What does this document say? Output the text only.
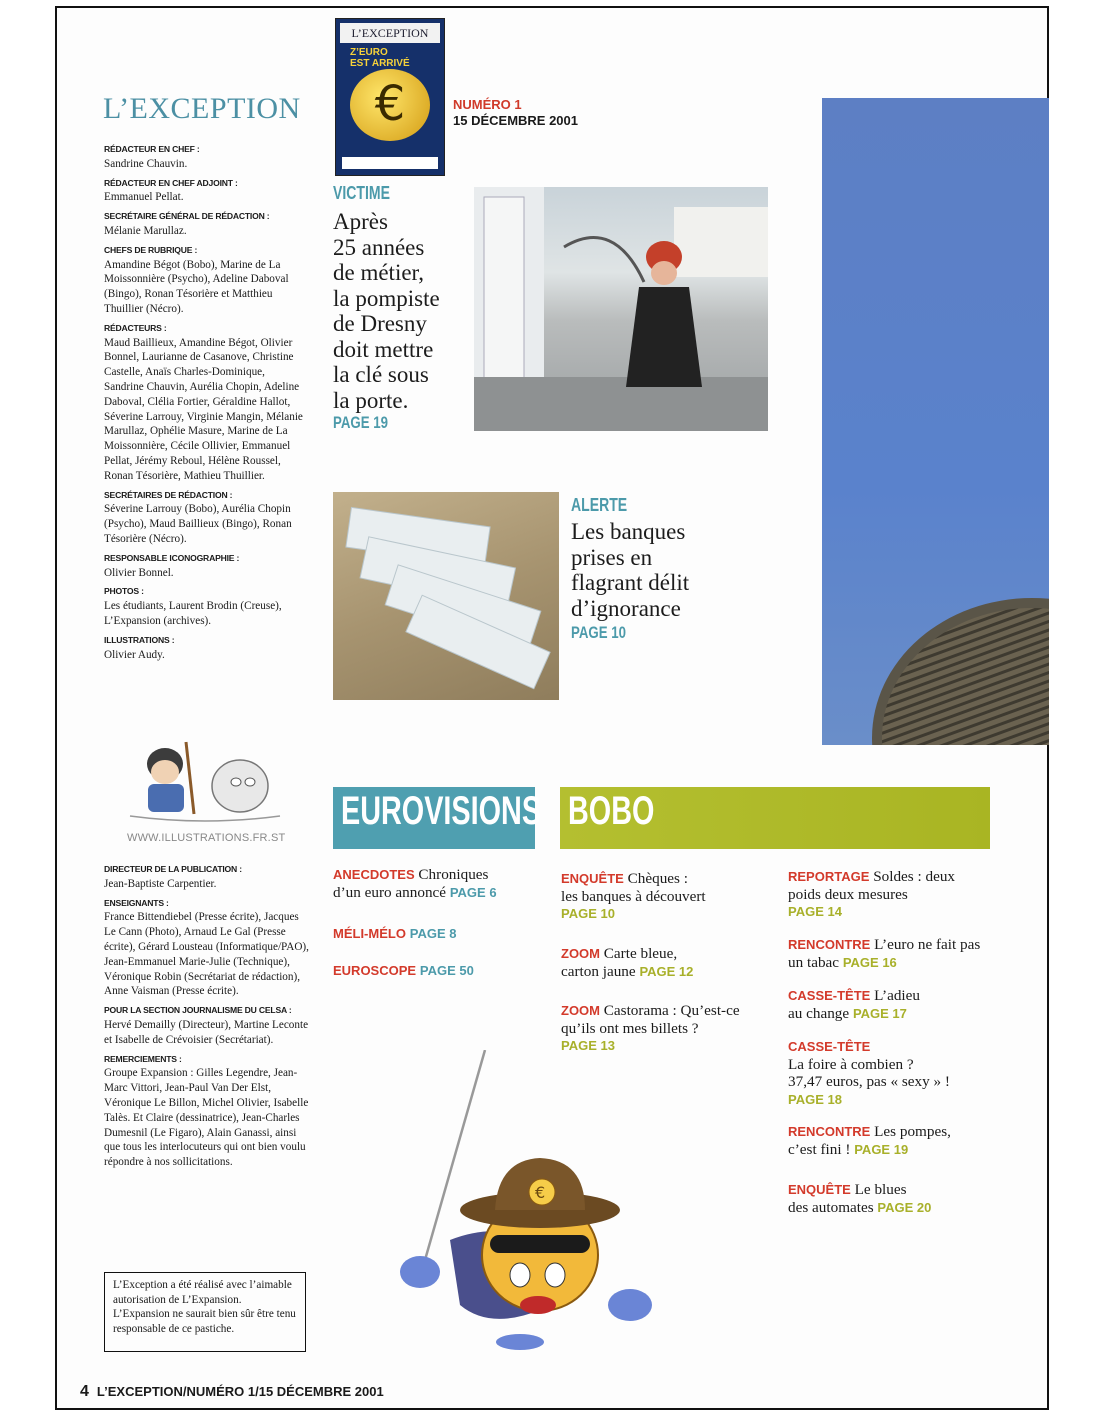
L’EXCEPTION
RÉDACTEUR EN CHEF :
Sandrine Chauvin.
RÉDACTEUR EN CHEF ADJOINT :
Emmanuel Pellat.
SECRÉTAIRE GÉNÉRAL DE RÉDACTION :
Mélanie Marullaz.
CHEFS DE RUBRIQUE :
Amandine Bégot (Bobo), Marine de La Moissonnière (Psycho), Adeline Daboval (Bingo), Ronan Tésorière et Matthieu Thuillier (Nécro).
RÉDACTEURS :
Maud Baillieux, Amandine Bégot, Olivier Bonnel, Laurianne de Casanove, Christine Castelle, Anaïs Charles-Dominique, Sandrine Chauvin, Aurélia Chopin, Adeline Daboval, Clélia Fortier, Géraldine Hallot, Séverine Larrouy, Virginie Mangin, Mélanie Marullaz, Ophélie Masure, Marine de La Moissonnière, Cécile Ollivier, Emmanuel Pellat, Jérémy Reboul, Hélène Roussel, Ronan Tésorière, Mathieu Thuillier.
SECRÉTAIRES DE RÉDACTION :
Séverine Larrouy (Bobo), Aurélia Chopin (Psycho), Maud Baillieux (Bingo), Ronan Tésorière (Nécro).
RESPONSABLE ICONOGRAPHIE :
Olivier Bonnel.
PHOTOS :
Les étudiants, Laurent Brodin (Creuse), L’Expansion (archives).
ILLUSTRATIONS :
Olivier Audy.
WWW.ILLUSTRATIONS.FR.ST
DIRECTEUR DE LA PUBLICATION :
Jean-Baptiste Carpentier.
ENSEIGNANTS :
France Bittendiebel (Presse écrite), Jacques Le Cann (Photo), Arnaud Le Gal (Presse écrite), Gérard Lousteau (Informatique/PAO), Jean-Emmanuel Marie-Julie (Technique), Véronique Robin (Secrétariat de rédaction), Anne Vaisman (Presse écrite).
POUR LA SECTION JOURNALISME DU CELSA :
Hervé Demailly (Directeur), Martine Leconte et Isabelle de Crévoisier (Secrétariat).
REMERCIEMENTS :
Groupe Expansion : Gilles Legendre, Jean-Marc Vittori, Jean-Paul Van Der Elst, Véronique Le Billon, Michel Olivier, Isabelle Talès. Et Claire (dessinatrice), Jean-Charles Dumesnil (Le Figaro), Alain Ganassi, ainsi que tous les interlocuteurs qui ont bien voulu répondre à nos sollicitations.
L’Exception a été réalisé avec l’aimable autorisation de L’Expansion. L’Expansion ne saurait bien sûr être tenu responsable de ce pastiche.
4 L’EXCEPTION/NUMÉRO 1/15 DÉCEMBRE 2001
L’EXCEPTION
Z’EURO
EST ARRIVÉ
€	NUMÉRO 1
15 DÉCEMBRE 2001
VICTIME
Après
25 années
de métier,
la pompiste
de Dresny
doit mettre
la clé sous
la porte.
PAGE 19
ALERTE
Les banques
prises en
flagrant délit
d’ignorance
PAGE 10
EUROVISIONS BOBO
ANECDOTES Chroniques
d’un euro annoncé PAGE 6
MÉLI-MÉLO PAGE 8
EUROSCOPE PAGE 50
ENQUÊTE Chèques :
les banques à découvert
PAGE 10
ZOOM Carte bleue,
carton jaune PAGE 12
ZOOM Castorama : Qu’est-ce
qu’ils ont mes billets ?
PAGE 13
REPORTAGE Soldes : deux
poids deux mesures
PAGE 14
RENCONTRE L’euro ne fait pas
un tabac PAGE 16
CASSE-TÊTE L’adieu
au change PAGE 17
CASSE-TÊTE
La foire à combien ?
37,47 euros, pas « sexy » !
PAGE 18
RENCONTRE Les pompes,
c’est fini ! PAGE 19
ENQUÊTE Le blues
des automates PAGE 20
€
